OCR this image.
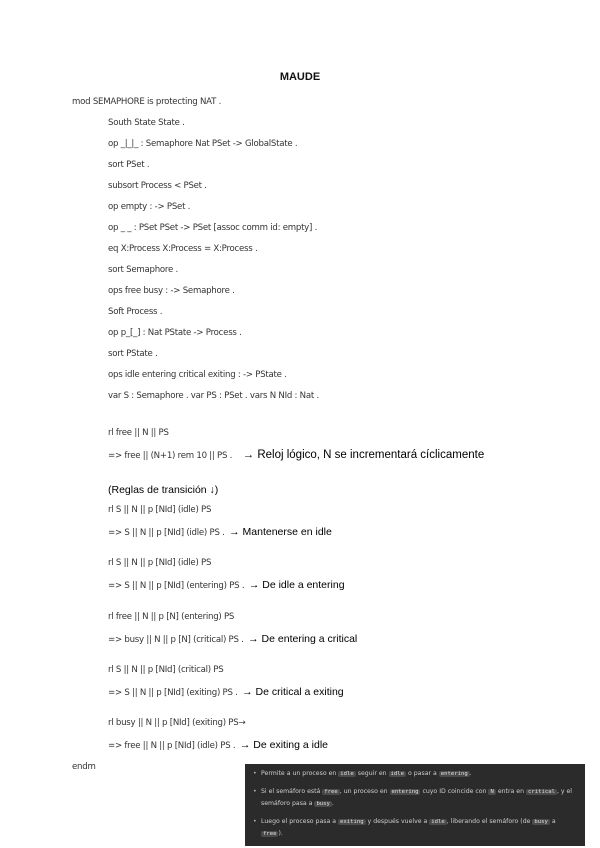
MAUDE
mod SEMAPHORE is protecting NAT .
South State State .
op _|_|_ : Semaphore Nat PSet -> GlobalState .
sort PSet .
subsort Process < PSet .
op empty : -> PSet .
op _ _ : PSet PSet -> PSet [assoc comm id: empty] .
eq X:Process X:Process = X:Process .
sort Semaphore .
ops free busy : -> Semaphore .
Soft Process .
op p_[_] : Nat PState -> Process .
sort PState .
ops idle entering critical exiting : -> PState .
var S : Semaphore . var PS : PSet . vars N NId : Nat .
rl free || N || PS
=> free || (N+1) rem 10 || PS . → Reloj lógico, N se incrementará cíclicamente
(Reglas de transición ↓)
rl S || N || p [NId] (idle) PS
=> S || N || p [NId] (idle) PS . → Mantenerse en idle
rl S || N || p [NId] (idle) PS
=> S || N || p [NId] (entering) PS . → De idle a entering
rl free || N || p [N] (entering) PS
=> busy || N || p [N] (critical) PS . → De entering a critical
rl S || N || p [NId] (critical) PS
=> S || N || p [NId] (exiting) PS . → De critical a exiting
rl busy || N || p [NId] (exiting) PS→
=> free || N || p [NId] (idle) PS . → De exiting a idle
endm
• Permite a un proceso en idle seguir en idle o pasar a entering .
• Si el semáforo está free , un proceso en entering cuyo ID coincide con N entra en critical , y el semáforo pasa a busy .
• Luego el proceso pasa a exiting y después vuelve a idle , liberando el semáforo (de busy a free ).
